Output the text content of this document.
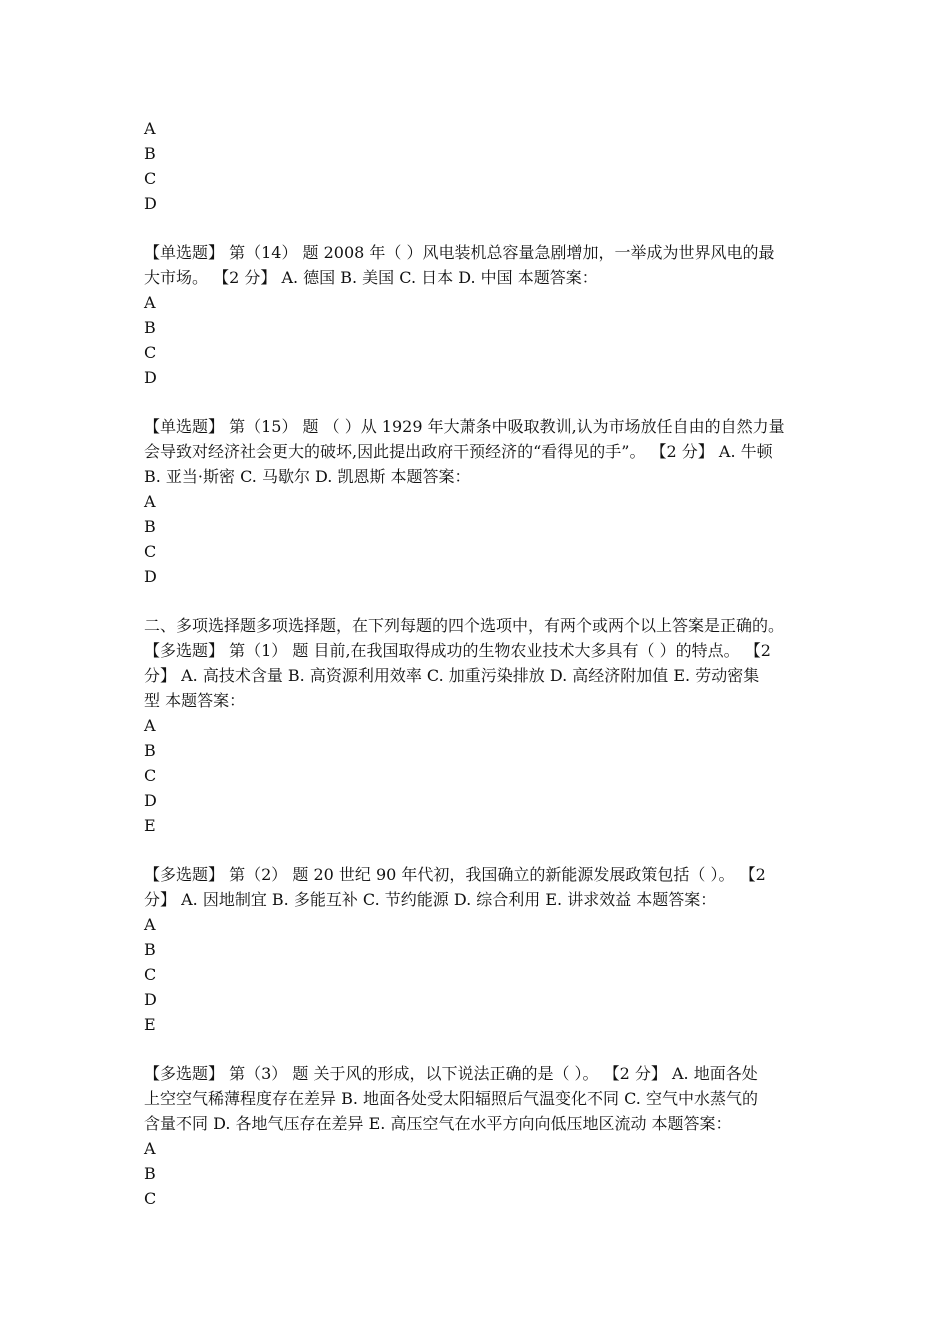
A
B
C
D
【单选题】 第（14） 题 2008 年（ ）风电装机总容量急剧增加，一举成为世界风电的最
大市场。 【2 分】 A. 德国 B. 美国 C. 日本 D. 中国 本题答案：
A
B
C
D
【单选题】 第（15） 题 （ ）从 1929 年大萧条中吸取教训,认为市场放任自由的自然力量
会导致对经济社会更大的破坏,因此提出政府干预经济的“看得见的手”。 【2 分】 A. 牛顿
B. 亚当·斯密 C. 马歇尔 D. 凯恩斯 本题答案：
A
B
C
D
二、多项选择题多项选择题，在下列每题的四个选项中，有两个或两个以上答案是正确的。
【多选题】 第（1） 题 目前,在我国取得成功的生物农业技术大多具有（ ）的特点。 【2
分】 A. 高技术含量 B. 高资源利用效率 C. 加重污染排放 D. 高经济附加值 E. 劳动密集
型 本题答案：
A
B
C
D
E
【多选题】 第（2） 题 20 世纪 90 年代初，我国确立的新能源发展政策包括（ ）。 【2
分】 A. 因地制宜 B. 多能互补 C. 节约能源 D. 综合利用 E. 讲求效益 本题答案：
A
B
C
D
E
【多选题】 第（3） 题 关于风的形成，以下说法正确的是（ ）。 【2 分】 A. 地面各处
上空空气稀薄程度存在差异 B. 地面各处受太阳辐照后气温变化不同 C. 空气中水蒸气的
含量不同 D. 各地气压存在差异 E. 高压空气在水平方向向低压地区流动 本题答案：
A
B
C
